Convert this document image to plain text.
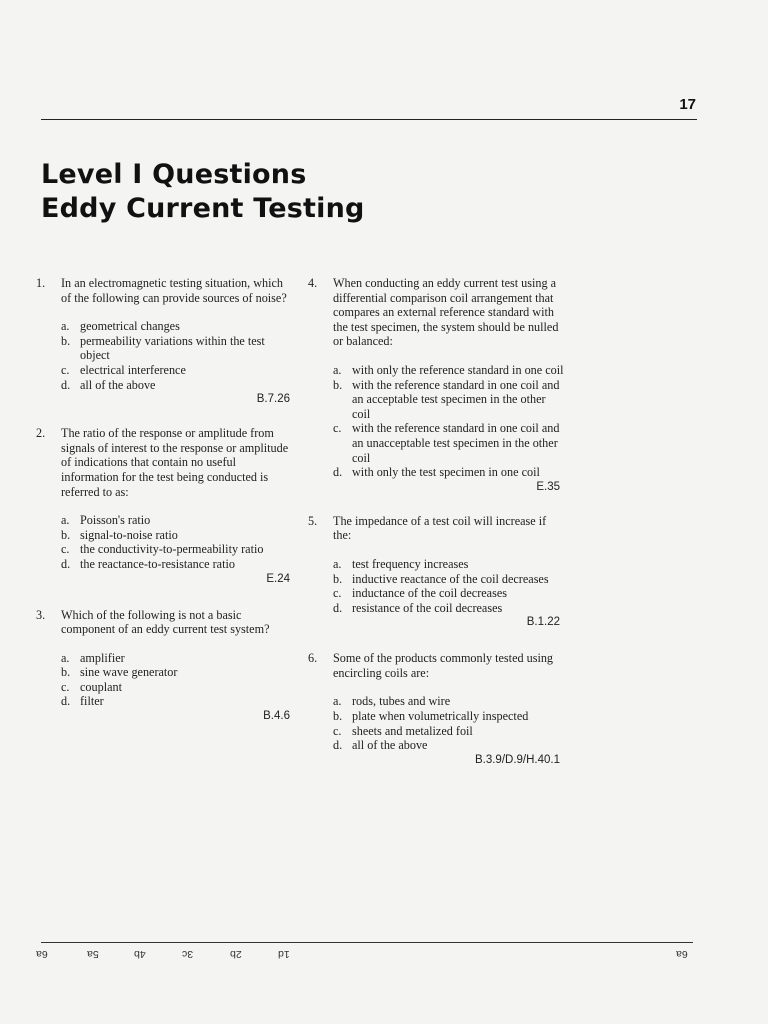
17
Level I Questions
Eddy Current Testing
1.	In an electromagnetic testing situation, which of the following can provide sources of noise?
a. geometrical changes
b. permeability variations within the test object
c. electrical interference
d. all of the above
B.7.26
2.	The ratio of the response or amplitude from signals of interest to the response or amplitude of indications that contain no useful information for the test being conducted is referred to as:
a. Poisson's ratio
b. signal-to-noise ratio
c. the conductivity-to-permeability ratio
d. the reactance-to-resistance ratio
E.24
3.	Which of the following is not a basic component of an eddy current test system?
a. amplifier
b. sine wave generator
c. couplant
d. filter
B.4.6
4.	When conducting an eddy current test using a differential comparison coil arrangement that compares an external reference standard with the test specimen, the system should be nulled or balanced:
a. with only the reference standard in one coil
b. with the reference standard in one coil and an acceptable test specimen in the other coil
c. with the reference standard in one coil and an unacceptable test specimen in the other coil
d. with only the test specimen in one coil
E.35
5.	The impedance of a test coil will increase if the:
a. test frequency increases
b. inductive reactance of the coil decreases
c. inductance of the coil decreases
d. resistance of the coil decreases
B.1.22
6.	Some of the products commonly tested using encircling coils are:
a. rods, tubes and wire
b. plate when volumetrically inspected
c. sheets and metalized foil
d. all of the above
B.3.9/D.9/H.40.1
6a	5a	4b	3c	2b	1d	6a
